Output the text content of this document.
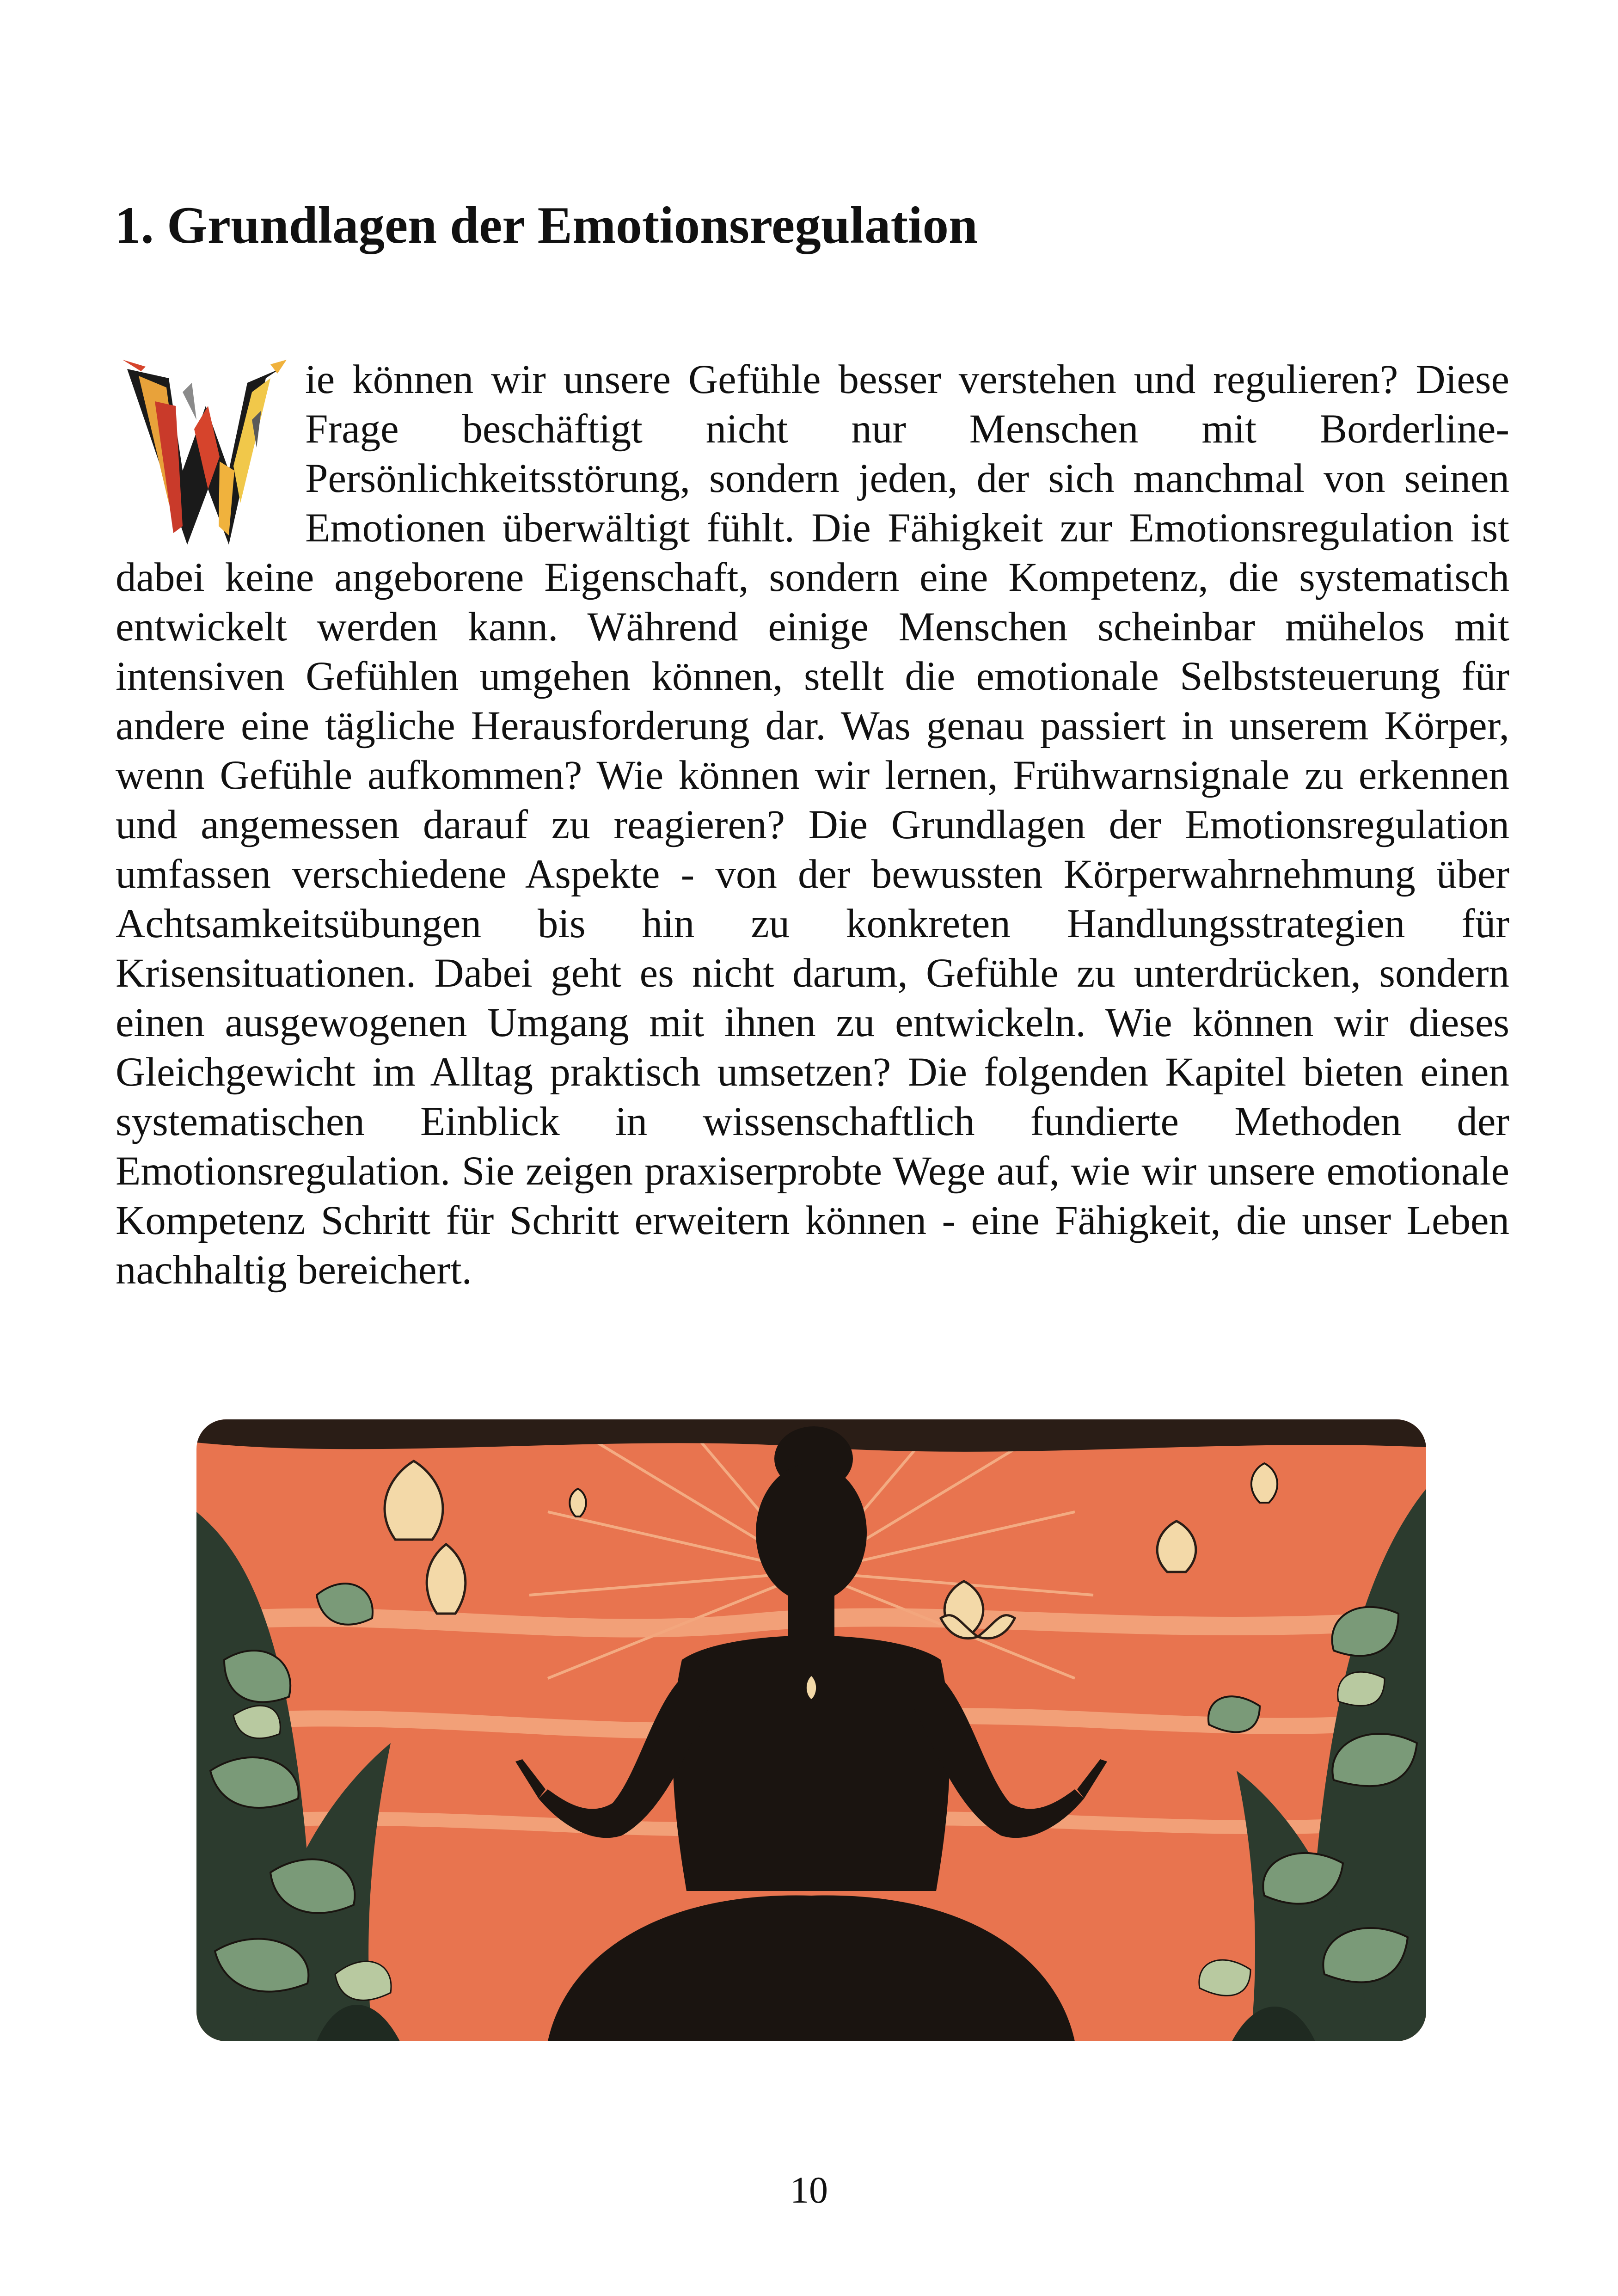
1. Grundlagen der Emotionsregulation

ie können wir unsere Gefühle besser verstehen und regulieren? Diese Frage beschäftigt nicht nur Menschen mit Borderline-Persönlichkeitsstörung, sondern jeden, der sich manchmal von seinen Emotionen überwältigt fühlt. Die Fähigkeit zur Emotionsregulation ist dabei keine angeborene Eigenschaft, sondern eine Kompetenz, die systematisch entwickelt werden kann. Während einige Menschen scheinbar mühelos mit intensiven Gefühlen umgehen können, stellt die emotionale Selbststeuerung für andere eine tägliche Herausforderung dar. Was genau passiert in unserem Körper, wenn Gefühle aufkommen? Wie können wir lernen, Frühwarnsignale zu erkennen und angemessen darauf zu reagieren? Die Grundlagen der Emotionsregulation umfassen verschiedene Aspekte - von der bewussten Körperwahrnehmung über Achtsamkeitsübungen bis hin zu konkreten Handlungsstrategien für Krisensituationen. Dabei geht es nicht darum, Gefühle zu unterdrücken, sondern einen ausgewogenen Umgang mit ihnen zu entwickeln. Wie können wir dieses Gleichgewicht im Alltag praktisch umsetzen? Die folgenden Kapitel bieten einen systematischen Einblick in wissenschaftlich fundierte Methoden der Emotionsregulation. Sie zeigen praxiserprobte Wege auf, wie wir unsere emotionale Kompetenz Schritt für Schritt erweitern können - eine Fähigkeit, die unser Leben nachhaltig bereichert.

10
